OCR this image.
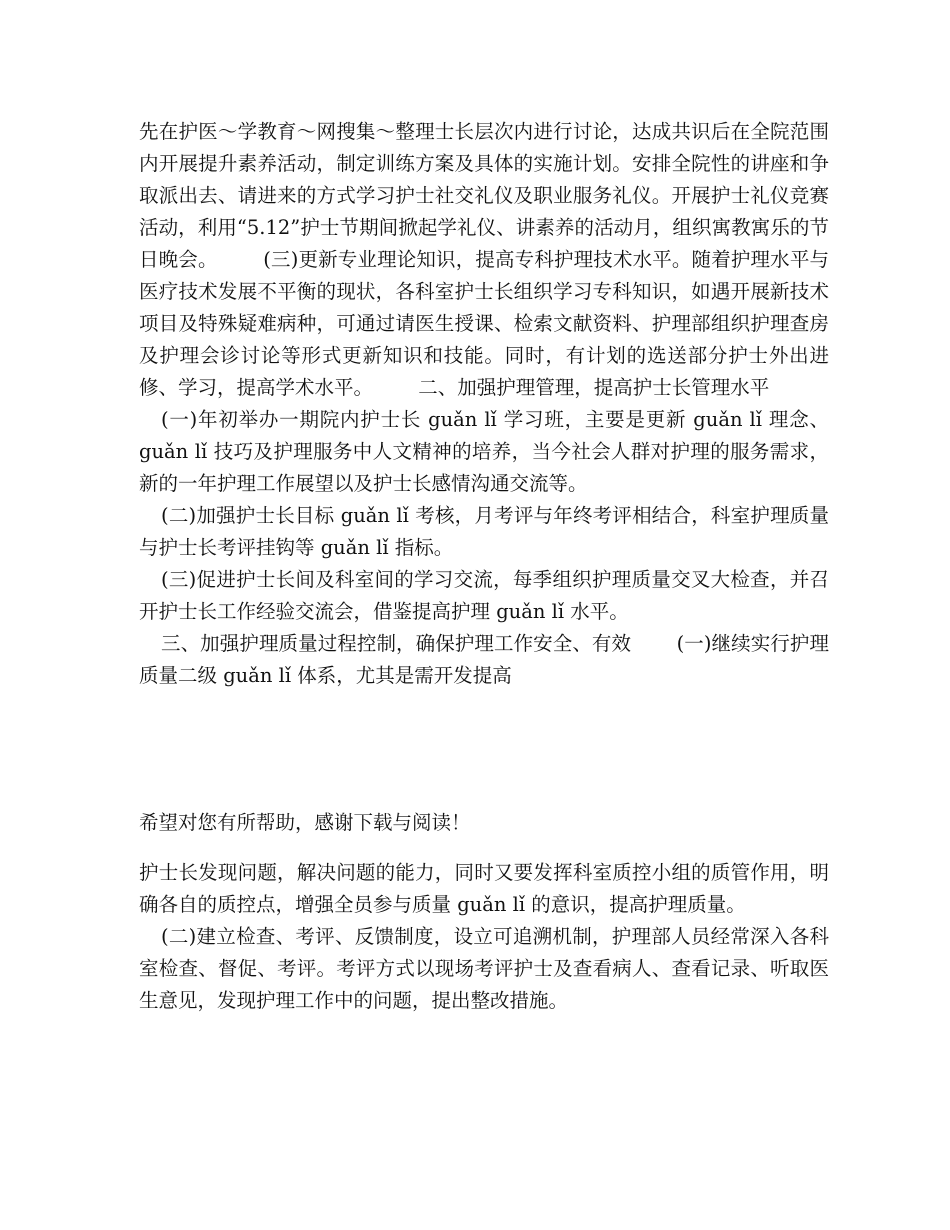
先在护医～学教育～网搜集～整理士长层次内进行讨论，达成共识后在全院范围内开展提升素养活动，制定训练方案及具体的实施计划。安排全院性的讲座和争取派出去、请进来的方式学习护士社交礼仪及职业服务礼仪。开展护士礼仪竞赛活动，利用“5.12”护士节期间掀起学礼仪、讲素养的活动月，组织寓教寓乐的节日晚会。 　　(三)更新专业理论知识，提高专科护理技术水平。随着护理水平与医疗技术发展不平衡的现状，各科室护士长组织学习专科知识，如遇开展新技术项目及特殊疑难病种，可通过请医生授课、检索文献资料、护理部组织护理查房及护理会诊讨论等形式更新知识和技能。同时，有计划的选送部分护士外出进修、学习，提高学术水平。 　　二、加强护理管理，提高护士长管理水平

(一)年初举办一期院内护士长 guǎn lǐ 学习班，主要是更新 guǎn lǐ 理念、guǎn lǐ 技巧及护理服务中人文精神的培养，当今社会人群对护理的服务需求，新的一年护理工作展望以及护士长感情沟通交流等。

(二)加强护士长目标 guǎn lǐ 考核，月考评与年终考评相结合，科室护理质量与护士长考评挂钩等 guǎn lǐ 指标。

(三)促进护士长间及科室间的学习交流，每季组织护理质量交叉大检查，并召开护士长工作经验交流会，借鉴提高护理 guǎn lǐ 水平。

三、加强护理质量过程控制，确保护理工作安全、有效 　　(一)继续实行护理质量二级 guǎn lǐ 体系，尤其是需开发提高

希望对您有所帮助，感谢下载与阅读！

护士长发现问题，解决问题的能力，同时又要发挥科室质控小组的质管作用，明确各自的质控点，增强全员参与质量 guǎn lǐ 的意识，提高护理质量。

(二)建立检查、考评、反馈制度，设立可追溯机制，护理部人员经常深入各科室检查、督促、考评。考评方式以现场考评护士及查看病人、查看记录、听取医生意见，发现护理工作中的问题，提出整改措施。
